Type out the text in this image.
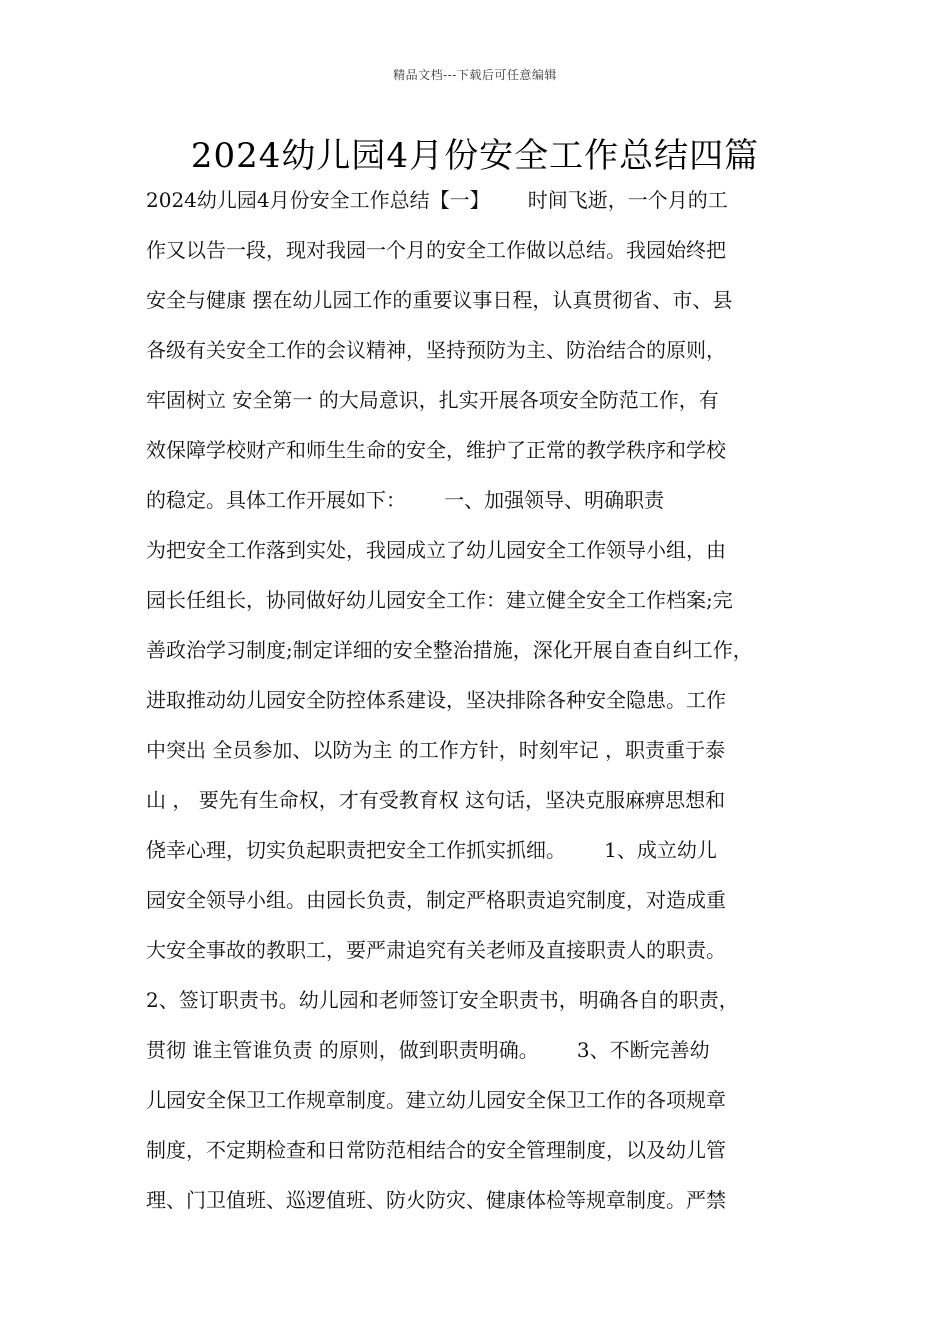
精品文档---下载后可任意编辑
2024幼儿园4月份安全工作总结四篇
2024幼儿园4月份安全工作总结【一】      时间飞逝，一个月的工
作又以告一段，现对我园一个月的安全工作做以总结。我园始终把
安全与健康 摆在幼儿园工作的重要议事日程，认真贯彻省、市、县
各级有关安全工作的会议精神，坚持预防为主、防治结合的原则，
牢固树立 安全第一 的大局意识，扎实开展各项安全防范工作，有
效保障学校财产和师生生命的安全，维护了正常的教学秩序和学校
的稳定。具体工作开展如下：      一、加强领导、明确职责
为把安全工作落到实处，我园成立了幼儿园安全工作领导小组，由
园长任组长，协同做好幼儿园安全工作：建立健全安全工作档案;完
善政治学习制度;制定详细的安全整治措施，深化开展自查自纠工作，
进取推动幼儿园安全防控体系建设，坚决排除各种安全隐患。工作
中突出 全员参加、以防为主 的工作方针，时刻牢记 ，职责重于泰
山 ， 要先有生命权，才有受教育权 这句话，坚决克服麻痹思想和
侥幸心理，切实负起职责把安全工作抓实抓细。      1、成立幼儿
园安全领导小组。由园长负责，制定严格职责追究制度，对造成重
大安全事故的教职工，要严肃追究有关老师及直接职责人的职责。
2、签订职责书。幼儿园和老师签订安全职责书，明确各自的职责，
贯彻 谁主管谁负责 的原则，做到职责明确。      3、不断完善幼
儿园安全保卫工作规章制度。建立幼儿园安全保卫工作的各项规章
制度，不定期检查和日常防范相结合的安全管理制度，以及幼儿管
理、门卫值班、巡逻值班、防火防灾、健康体检等规章制度。严禁
